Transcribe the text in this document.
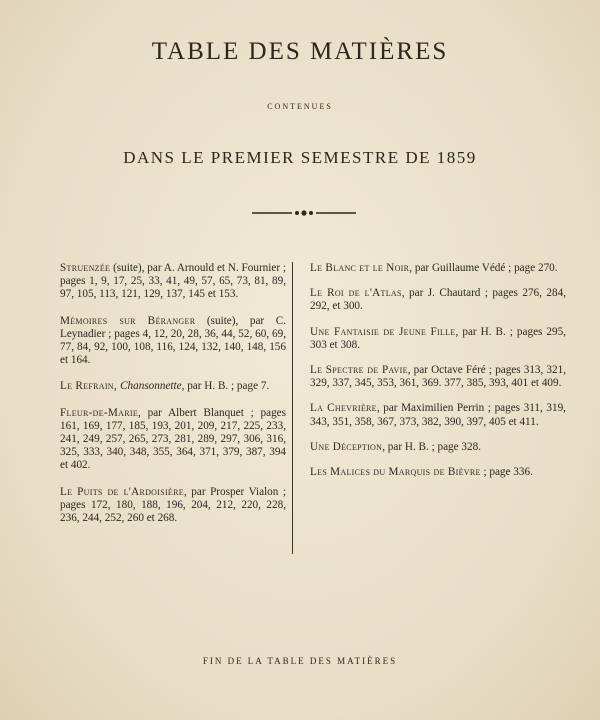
TABLE DES MATIÈRES
CONTENUES
DANS LE PREMIER SEMESTRE DE 1859

Struenzée (suite), par A. Arnould et N. Fournier ; pages 1, 9, 17, 25, 33, 41, 49, 57, 65, 73, 81, 89, 97, 105, 113, 121, 129, 137, 145 et 153.

Mémoires sur Béranger (suite), par C. Leynadier ; pages 4, 12, 20, 28, 36, 44, 52, 60, 69, 77, 84, 92, 100, 108, 116, 124, 132, 140, 148, 156 et 164.

Le Refrain, Chansonnette, par H. B. ; page 7.

Fleur-de-Marie, par Albert Blanquet ; pages 161, 169, 177, 185, 193, 201, 209, 217, 225, 233, 241, 249, 257, 265, 273, 281, 289, 297, 306, 316, 325, 333, 340, 348, 355, 364, 371, 379, 387, 394 et 402.

Le Puits de l'Ardoisière, par Prosper Vialon ; pages 172, 180, 188, 196, 204, 212, 220, 228, 236, 244, 252, 260 et 268.

Le Blanc et le Noir, par Guillaume Védé ; page 270.

Le Roi de l'Atlas, par J. Chautard ; pages 276, 284, 292, et 300.

Une Fantaisie de Jeune Fille, par H. B. ; pages 295, 303 et 308.

Le Spectre de Pavie, par Octave Féré ; pages 313, 321, 329, 337, 345, 353, 361, 369. 377, 385, 393, 401 et 409.

La Chevrière, par Maximilien Perrin ; pages 311, 319, 343, 351, 358, 367, 373, 382, 390, 397, 405 et 411.

Une Déception, par H. B. ; page 328.

Les Malices du Marquis de Bièvre ; page 336.

FIN DE LA TABLE DES MATIÈRES
